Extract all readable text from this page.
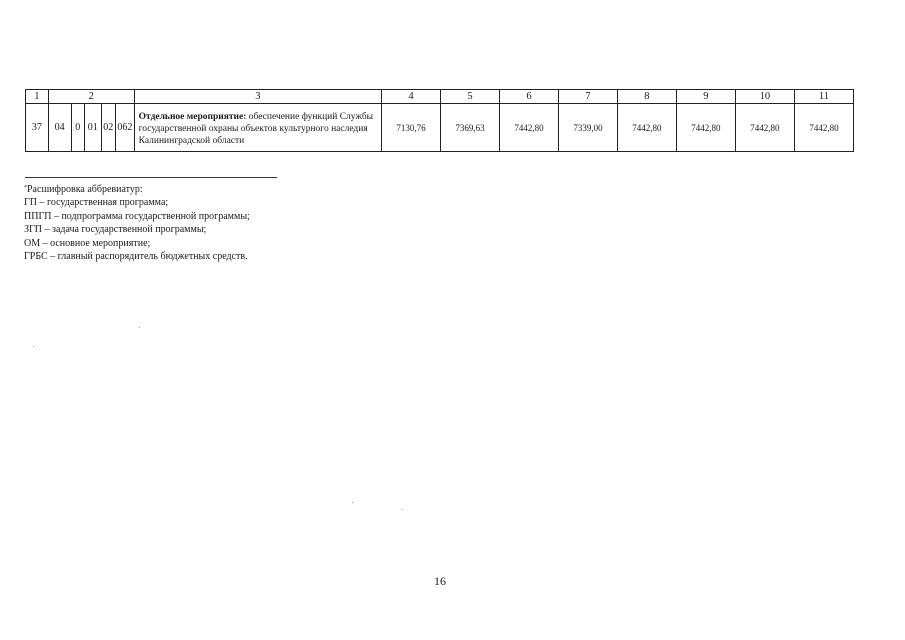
1	2					3	4	5	6	7	8	9	10	11
37	04	0	01	02	062	Отдельное мероприятие: обеспечение функций Службы государственной охраны объектов культурного наследия Калининградской области	7130,76	7369,63	7442,80	7339,00	7442,80	7442,80	7442,80	7442,80
*Расшифровка аббревиатур:
ГП – государственная программа;
ППГП – подпрограмма государственной программы;
ЗГП – задача государственной программы;
ОМ – основное мероприятие;
ГРБС – главный распорядитель бюджетных средств.
16
